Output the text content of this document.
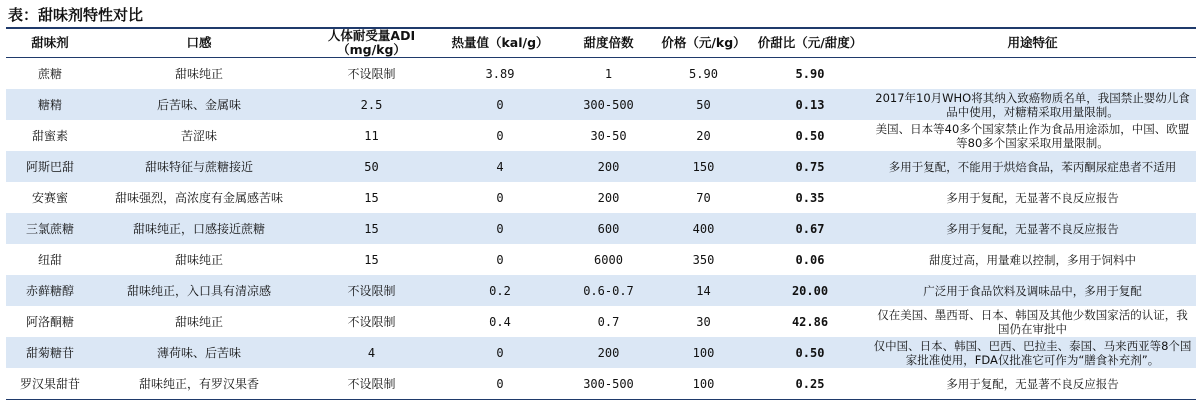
表：甜味剂特性对比
甜味剂	口感	人体耐受量ADI（mg/kg）	热量值（kal/g）	甜度倍数	价格（元/kg）	价甜比（元/甜度）	用途特征
蔗糖	甜味纯正	不设限制	3.89	1	5.90	5.90	
糖精	后苦味、金属味	2.5	0	300-500	50	0.13	2017年10月WHO将其纳入致癌物质名单，我国禁止婴幼儿食品中使用，对糖精采取用量限制。
甜蜜素	苦涩味	11	0	30-50	20	0.50	美国、日本等40多个国家禁止作为食品用途添加，中国、欧盟等80多个国家采取用量限制。
阿斯巴甜	甜味特征与蔗糖接近	50	4	200	150	0.75	多用于复配，不能用于烘焙食品，苯丙酮尿症患者不适用
安赛蜜	甜味强烈，高浓度有金属感苦味	15	0	200	70	0.35	多用于复配，无显著不良反应报告
三氯蔗糖	甜味纯正，口感接近蔗糖	15	0	600	400	0.67	多用于复配，无显著不良反应报告
纽甜	甜味纯正	15	0	6000	350	0.06	甜度过高，用量难以控制，多用于饲料中
赤藓糖醇	甜味纯正，入口具有清凉感	不设限制	0.2	0.6-0.7	14	20.00	广泛用于食品饮料及调味品中，多用于复配
阿洛酮糖	甜味纯正	不设限制	0.4	0.7	30	42.86	仅在美国、墨西哥、日本、韩国及其他少数国家活的认证，我国仍在审批中
甜菊糖苷	薄荷味、后苦味	4	0	200	100	0.50	仅中国、日本、韩国、巴西、巴拉圭、泰国、马来西亚等8个国家批准使用，FDA仅批准它可作为“膳食补充剂”。
罗汉果甜苷	甜味纯正，有罗汉果香	不设限制	0	300-500	100	0.25	多用于复配，无显著不良反应报告
